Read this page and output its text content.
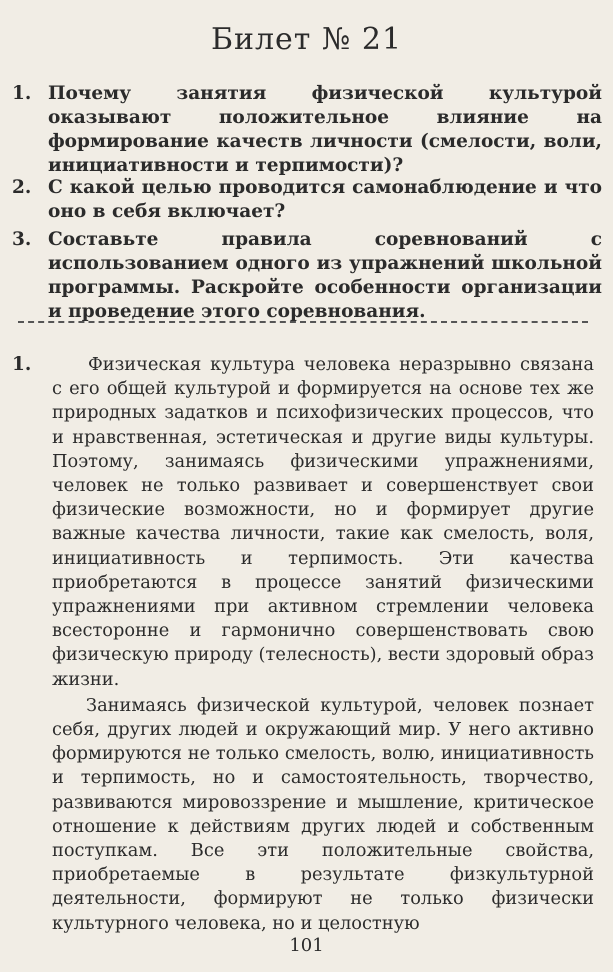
Билет № 21
1. Почему занятия физической культурой оказывают положительное влияние на формирование качеств личности (смелости, воли, инициативности и терпимости)?
2. С какой целью проводится самонаблюдение и что оно в себя включает?
3. Составьте правила соревнований с использованием одного из упражнений школьной программы. Раскройте особенности организации и проведение этого соревнования.
1.	Физическая культура человека неразрывно связана с его общей культурой и формируется на основе тех же природных задатков и психофизических процессов, что и нравственная, эстетическая и другие виды культуры. Поэтому, занимаясь физическими упражнениями, человек не только развивает и совершенствует свои физические возможности, но и формирует другие важные качества личности, такие как смелость, воля, инициативность и терпимость. Эти качества приобретаются в процессе занятий физическими упражнениями при активном стремлении человека всесторонне и гармонично совершенствовать свою физическую природу (телесность), вести здоровый образ жизни.

Занимаясь физической культурой, человек познает себя, других людей и окружающий мир. У него активно формируются не только смелость, волю, инициативность и терпимость, но и самостоятельность, творчество, развиваются мировоззрение и мышление, критическое отношение к действиям других людей и собственным поступкам. Все эти положительные свойства, приобретаемые в результате физкультурной деятельности, формируют не только физически культурного человека, но и целостную

101
